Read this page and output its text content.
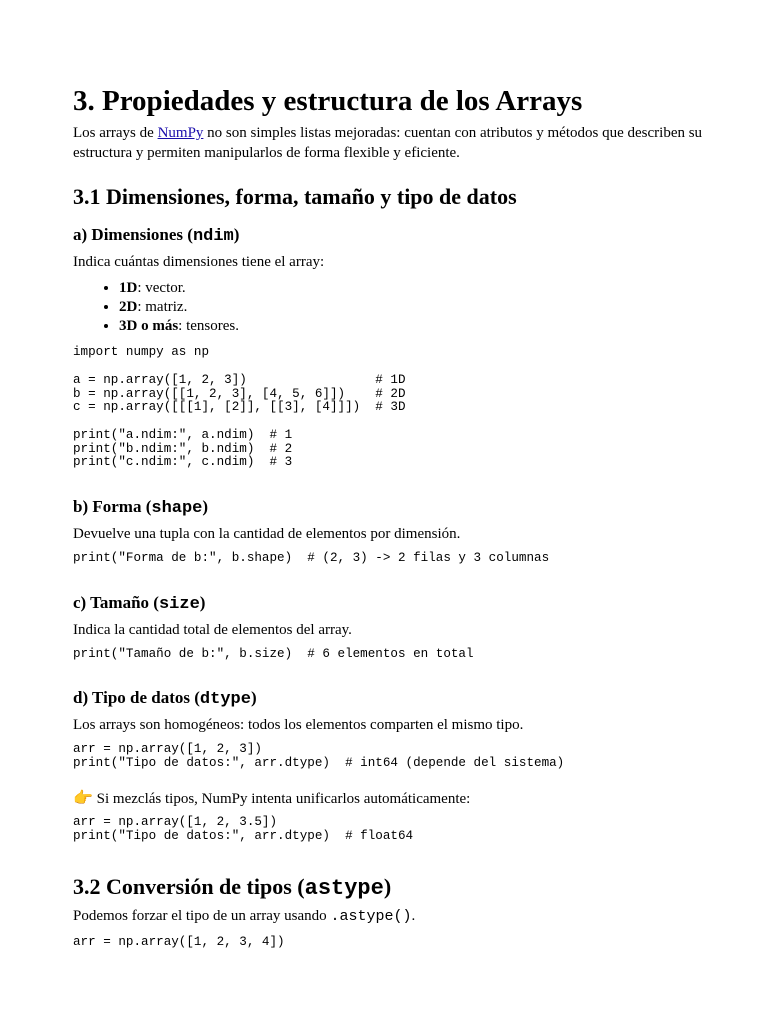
3. Propiedades y estructura de los Arrays

Los arrays de NumPy no son simples listas mejoradas: cuentan con atributos y métodos que describen su estructura y permiten manipularlos de forma flexible y eficiente.

3.1 Dimensiones, forma, tamaño y tipo de datos
a) Dimensiones (ndim)

Indica cuántas dimensiones tiene el array:

• 1D: vector.
• 2D: matriz.
• 3D o más: tensores.
import numpy as np
a = np.array([1, 2, 3])                 # 1D
b = np.array([[1, 2, 3], [4, 5, 6]])    # 2D
c = np.array([[[1], [2]], [[3], [4]]])  # 3D
print("a.ndim:", a.ndim)  # 1
print("b.ndim:", b.ndim)  # 2
print("c.ndim:", c.ndim)  # 3
b) Forma (shape)

Devuelve una tupla con la cantidad de elementos por dimensión.

print("Forma de b:", b.shape)  # (2, 3) -> 2 filas y 3 columnas
c) Tamaño (size)

Indica la cantidad total de elementos del array.

print("Tamaño de b:", b.size)  # 6 elementos en total
d) Tipo de datos (dtype)

Los arrays son homogéneos: todos los elementos comparten el mismo tipo.

arr = np.array([1, 2, 3])
print("Tipo de datos:", arr.dtype)  # int64 (depende del sistema)

👉 Si mezclás tipos, NumPy intenta unificarlos automáticamente:

arr = np.array([1, 2, 3.5])
print("Tipo de datos:", arr.dtype)  # float64
3.2 Conversión de tipos (astype)

Podemos forzar el tipo de un array usando .astype().

arr = np.array([1, 2, 3, 4])
